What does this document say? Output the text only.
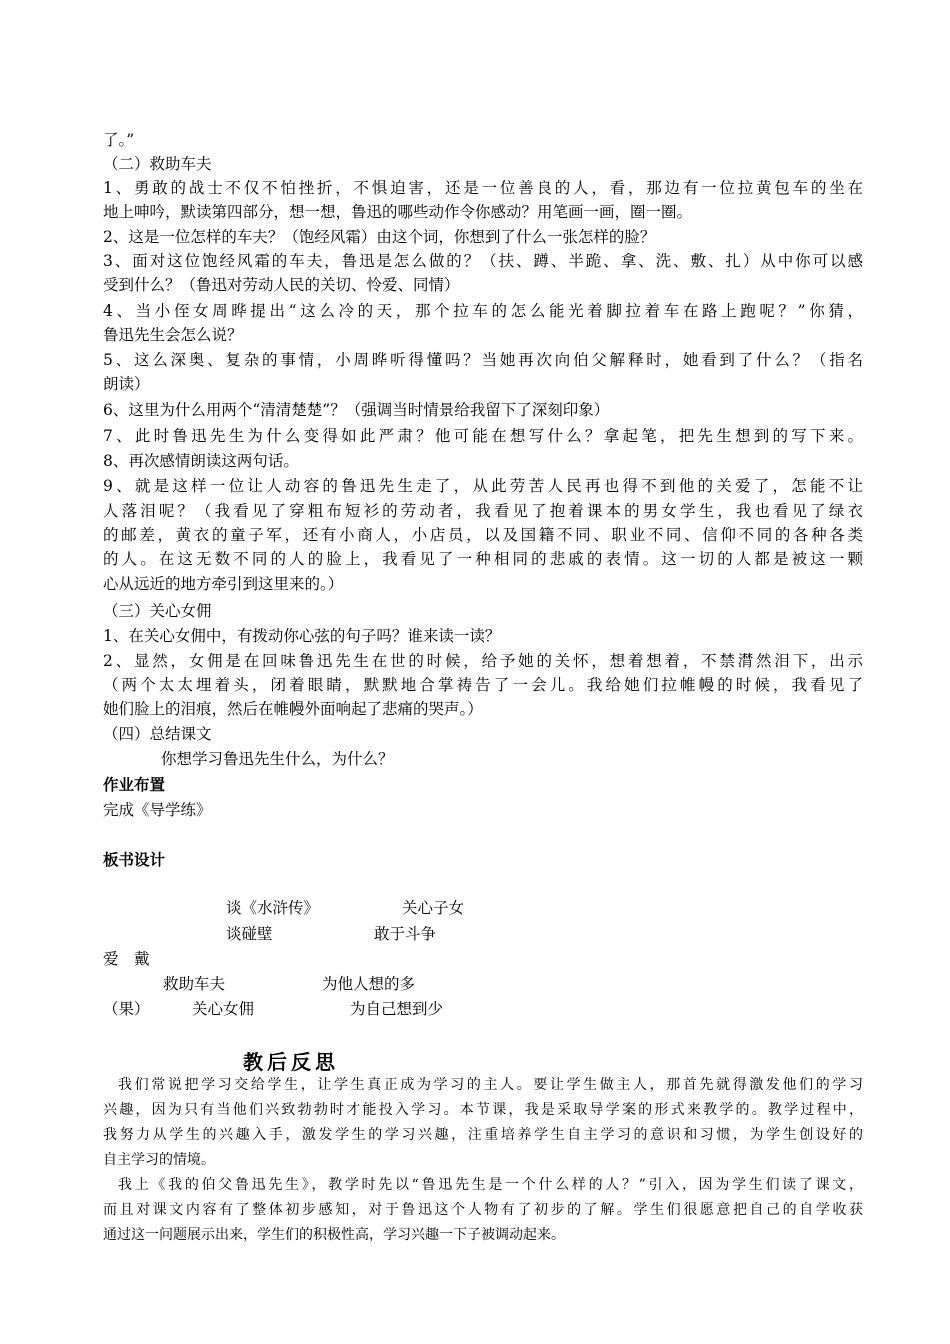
了。”
（二）救助车夫
1、勇敢的战士不仅不怕挫折，不惧迫害，还是一位善良的人，看，那边有一位拉黄包车的坐在
地上呻吟，默读第四部分，想一想，鲁迅的哪些动作令你感动？用笔画一画，圈一圈。
2、这是一位怎样的车夫？（饱经风霜）由这个词，你想到了什么一张怎样的脸？
3、面对这位饱经风霜的车夫，鲁迅是怎么做的？（扶、蹲、半跪、拿、洗、敷、扎）从中你可以感
受到什么？（鲁迅对劳动人民的关切、怜爱、同情）
4、当小侄女周晔提出“这么冷的天，那个拉车的怎么能光着脚拉着车在路上跑呢？”你猜，
鲁迅先生会怎么说？
5、这么深奥、复杂的事情，小周晔听得懂吗？当她再次向伯父解释时，她看到了什么？（指名
朗读）
6、这里为什么用两个“清清楚楚”？（强调当时情景给我留下了深刻印象）
7、此时鲁迅先生为什么变得如此严肃？他可能在想写什么？拿起笔，把先生想到的写下来。
8、再次感情朗读这两句话。
9、就是这样一位让人动容的鲁迅先生走了，从此劳苦人民再也得不到他的关爱了，怎能不让
人落泪呢？（我看见了穿粗布短衫的劳动者，我看见了抱着课本的男女学生，我也看见了绿衣
的邮差，黄衣的童子军，还有小商人，小店员，以及国籍不同、职业不同、信仰不同的各种各类
的人。在这无数不同的人的脸上，我看见了一种相同的悲戚的表情。这一切的人都是被这一颗
心从远近的地方牵引到这里来的。）
（三）关心女佣
1、在关心女佣中，有拨动你心弦的句子吗？谁来读一读？
2、显然，女佣是在回味鲁迅先生在世的时候，给予她的关怀，想着想着，不禁潸然泪下，出示
（两个太太埋着头，闭着眼睛，默默地合掌祷告了一会儿。我给她们拉帷幔的时候，我看见了
她们脸上的泪痕，然后在帷幔外面响起了悲痛的哭声。）
（四）总结课文
你想学习鲁迅先生什么，为什么？
作业布置
完成《导学练》
板书设计
谈《水浒传》	关心子女
谈碰壁	敢于斗争
爱　戴
救助车夫	为他人想的多
（果）	关心女佣	为自己想到少
教后反思
我们常说把学习交给学生，让学生真正成为学习的主人。要让学生做主人，那首先就得激发他们的学习
兴趣，因为只有当他们兴致勃勃时才能投入学习。本节课，我是采取导学案的形式来教学的。教学过程中，
我努力从学生的兴趣入手，激发学生的学习兴趣，注重培养学生自主学习的意识和习惯，为学生创设好的
自主学习的情境。
我上《我的伯父鲁迅先生》，教学时先以“鲁迅先生是一个什么样的人？”引入，因为学生们读了课文，
而且对课文内容有了整体初步感知，对于鲁迅这个人物有了初步的了解。学生们很愿意把自己的自学收获
通过这一问题展示出来，学生们的积极性高，学习兴趣一下子被调动起来。
